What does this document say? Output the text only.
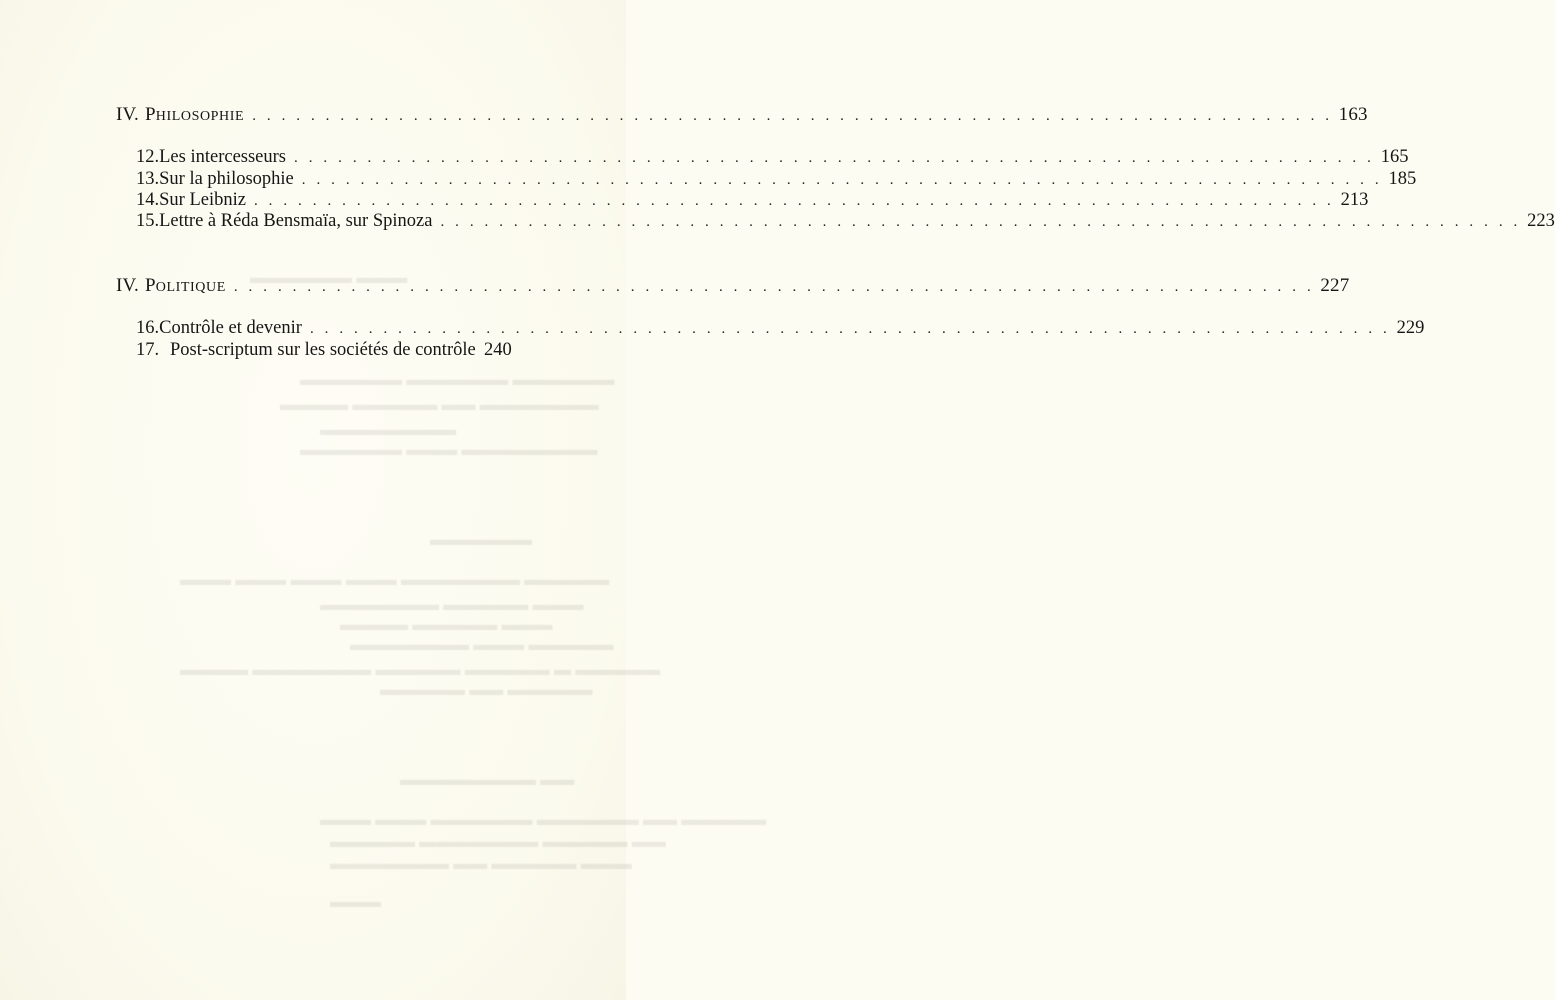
▬▬▬ ▬▬▬▬▬▬
▬▬▬▬▬▬ ▬▬▬▬▬▬ ▬▬▬▬▬▬
▬▬▬▬▬▬▬ ▬▬ ▬▬▬▬▬ ▬▬▬▬
▬▬▬▬▬▬▬▬
▬▬▬▬▬▬▬▬ ▬▬▬ ▬▬▬▬▬▬
▬▬▬▬▬▬
▬▬▬▬▬ ▬▬▬▬▬▬▬ ▬▬▬ ▬▬▬ ▬▬▬ ▬▬▬
▬▬▬ ▬▬▬▬▬ ▬▬▬▬▬▬▬
▬▬▬ ▬▬▬▬▬ ▬▬▬▬
▬▬▬▬▬ ▬▬▬ ▬▬▬▬▬▬▬
▬▬▬▬▬ ▬ ▬▬▬▬▬ ▬▬▬▬▬ ▬▬▬▬▬▬▬ ▬▬▬▬
▬▬▬▬▬ ▬▬ ▬▬▬▬▬
▬▬ ▬▬▬▬▬▬▬▬
▬▬▬▬▬ ▬▬ ▬▬▬▬▬▬ ▬▬▬▬▬▬ ▬▬▬ ▬▬▬
▬▬ ▬▬▬▬▬ ▬▬▬▬▬▬▬ ▬▬▬▬▬
▬▬▬ ▬▬▬▬▬ ▬▬ ▬▬▬▬▬▬▬
▬▬▬
IV. PHILOSOPHIE . . .	163
12. Les intercesseurs . . .	165
13. Sur la philosophie . . .	185
14. Sur Leibniz . . .	213
15. Lettre à Réda Bensmaïa, sur Spinoza . . .	223
IV. POLITIQUE . . .	227
16. Contrôle et devenir . . .	229
17. Post-scriptum sur les sociétés de contrôle 240
